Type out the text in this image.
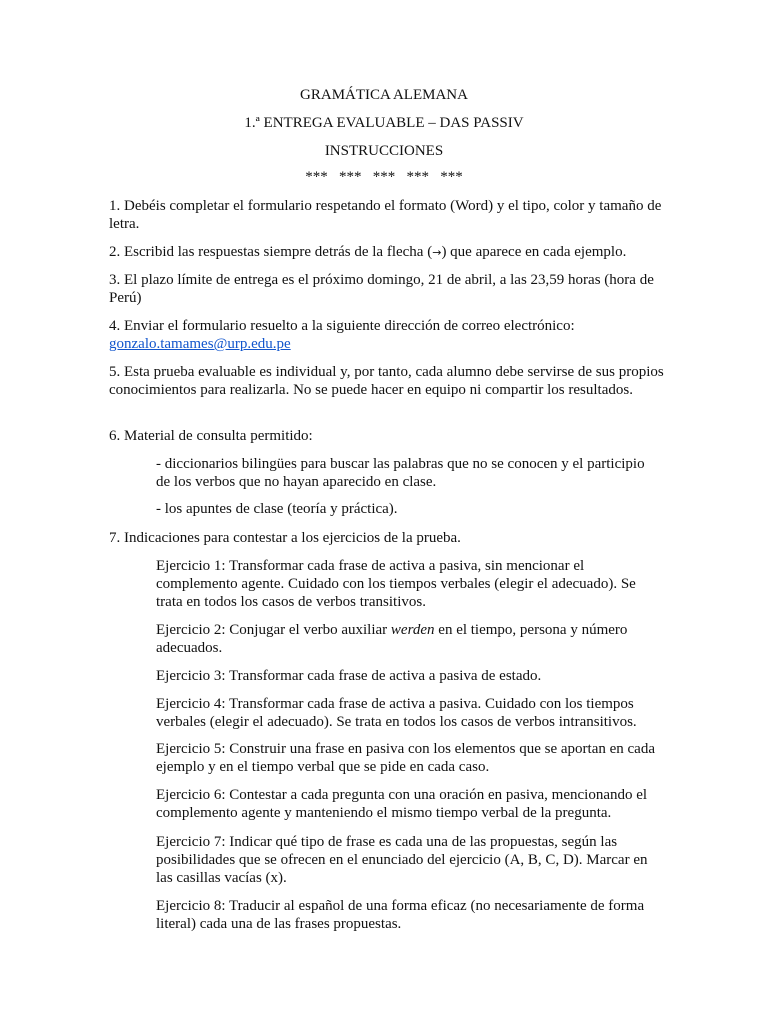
GRAMÁTICA ALEMANA
1.ª ENTREGA EVALUABLE – DAS PASSIV
INSTRUCCIONES
***   ***   ***   ***   ***
1. Debéis completar el formulario respetando el formato (Word) y el tipo, color y tamaño de letra.
2. Escribid las respuestas siempre detrás de la flecha (→) que aparece en cada ejemplo.
3. El plazo límite de entrega es el próximo domingo, 21 de abril, a las 23,59 horas (hora de Perú)
4. Enviar el formulario resuelto a la siguiente dirección de correo electrónico:
gonzalo.tamames@urp.edu.pe
5. Esta prueba evaluable es individual y, por tanto, cada alumno debe servirse de sus propios conocimientos para realizarla. No se puede hacer en equipo ni compartir los resultados.
6. Material de consulta permitido:
- diccionarios bilingües para buscar las palabras que no se conocen y el participio de los verbos que no hayan aparecido en clase.
- los apuntes de clase (teoría y práctica).
7. Indicaciones para contestar a los ejercicios de la prueba.
Ejercicio 1: Transformar cada frase de activa a pasiva, sin mencionar el complemento agente. Cuidado con los tiempos verbales (elegir el adecuado). Se trata en todos los casos de verbos transitivos.
Ejercicio 2: Conjugar el verbo auxiliar werden en el tiempo, persona y número adecuados.
Ejercicio 3: Transformar cada frase de activa a pasiva de estado.
Ejercicio 4: Transformar cada frase de activa a pasiva. Cuidado con los tiempos verbales (elegir el adecuado). Se trata en todos los casos de verbos intransitivos.
Ejercicio 5: Construir una frase en pasiva con los elementos que se aportan en cada ejemplo y en el tiempo verbal que se pide en cada caso.
Ejercicio 6: Contestar a cada pregunta con una oración en pasiva, mencionando el complemento agente y manteniendo el mismo tiempo verbal de la pregunta.
Ejercicio 7: Indicar qué tipo de frase es cada una de las propuestas, según las posibilidades que se ofrecen en el enunciado del ejercicio (A, B, C, D). Marcar en las casillas vacías (x).
Ejercicio 8: Traducir al español de una forma eficaz (no necesariamente de forma literal) cada una de las frases propuestas.
